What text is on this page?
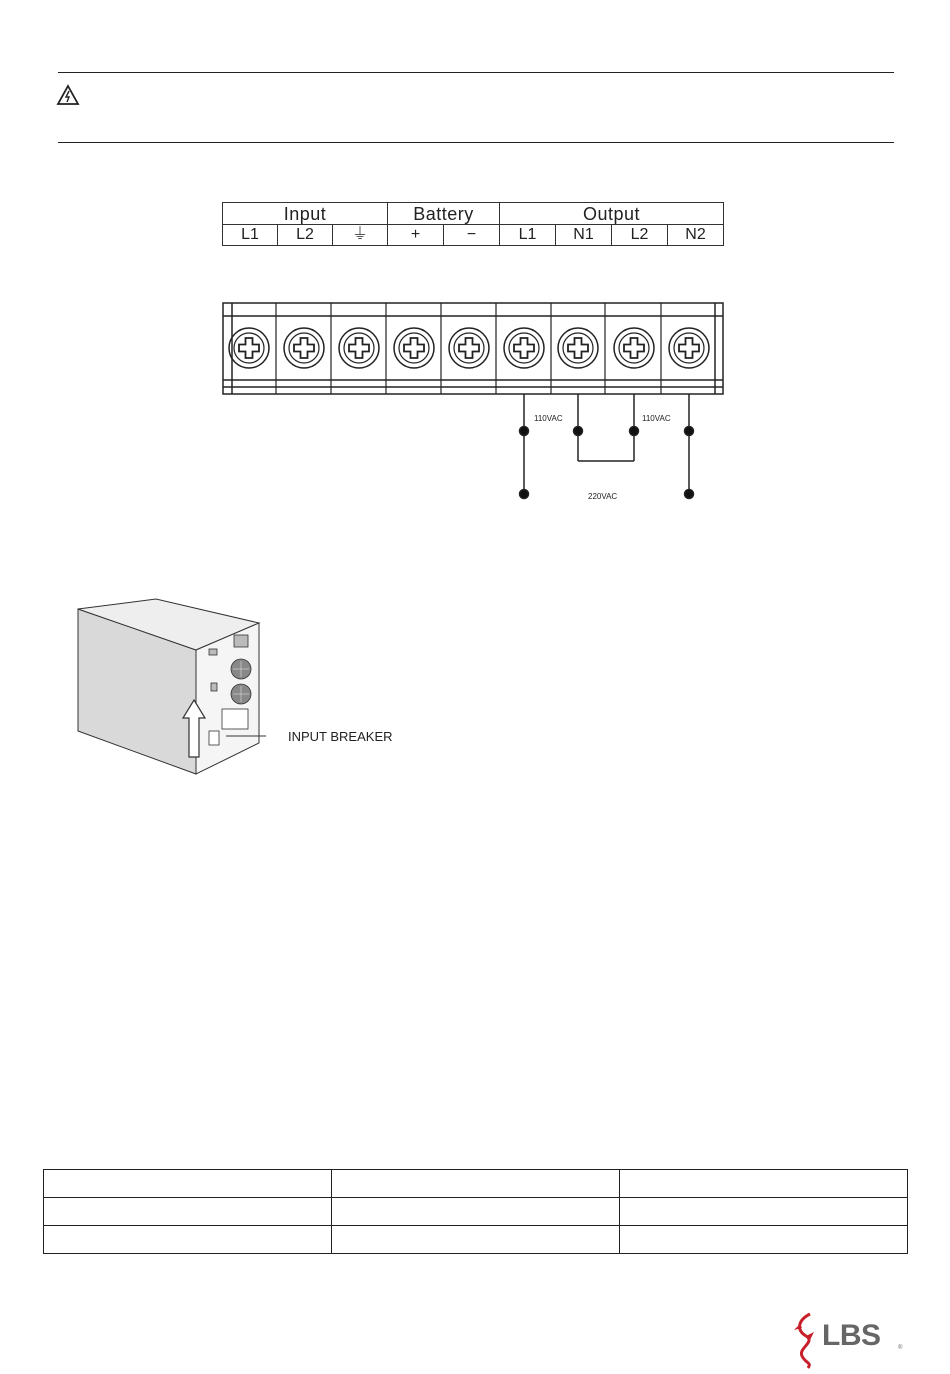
Input			Battery		Output			
L1	L2	⏚	+	−	L1	N1	L2	N2
110VAC	110VAC
220VAC
INPUT BREAKER

LBS	®
